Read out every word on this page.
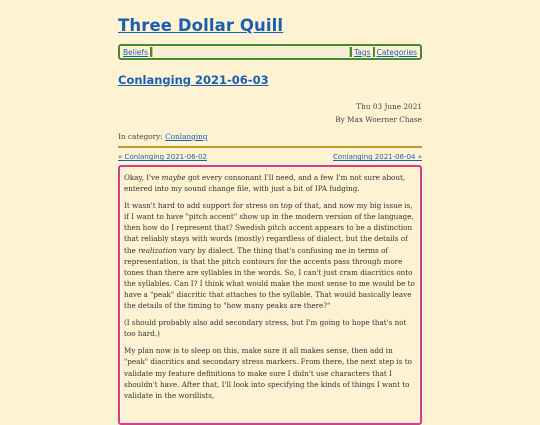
Three Dollar Quill
Beliefs	Tags Categories
Conlanging 2021-06-03
Thu 03 June 2021
By Max Woerner Chase
In category: Conlanging
« Conlanging 2021-06-02	Conlanging 2021-06-04 »

Okay, I've maybe got every consonant I'll need, and a few I'm not sure about, entered into my sound change file, with just a bit of IPA fudging.

It wasn't hard to add support for stress on top of that, and now my big issue is, if I want to have "pitch accent" show up in the modern version of the language, then how do I represent that? Swedish pitch accent appears to be a distinction that reliably stays with words (mostly) regardless of dialect, but the details of the realization vary by dialect. The thing that's confusing me in terms of representation, is that the pitch contours for the accents pass through more tones than there are syllables in the words. So, I can't just cram diacritics onto the syllables. Can I? I think what would make the most sense to me would be to have a "peak" diacritic that attaches to the syllable. That would basically leave the details of the timing to "how many peaks are there?"

(I should probably also add secondary stress, but I'm going to hope that's not too hard.)

My plan now is to sleep on this, make sure it all makes sense, then add in "peak" diacritics and secondary stress markers. From there, the next step is to validate my feature definitions to make sure I didn't use characters that I shouldn't have. After that, I'll look into specifying the kinds of things I want to validate in the wordlists,
